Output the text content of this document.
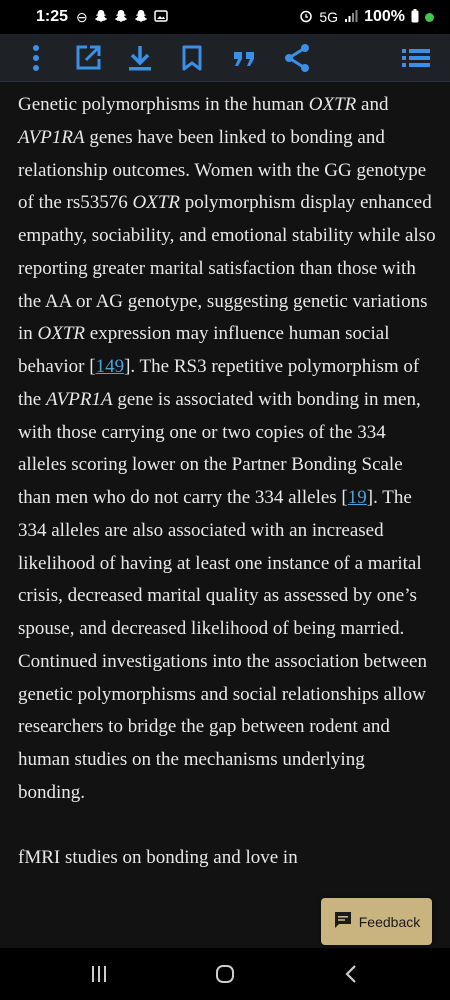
1:25 ⊖	5G 100%

Genetic polymorphisms in the human OXTR and AVP1RA genes have been linked to bonding and relationship outcomes. Women with the GG genotype of the rs53576 OXTR polymorphism display enhanced empathy, sociability, and emotional stability while also reporting greater marital satisfaction than those with the AA or AG genotype, suggesting genetic variations in OXTR expression may influence human social behavior [149]. The RS3 repetitive polymorphism of the AVPR1A gene is associated with bonding in men, with those carrying one or two copies of the 334 alleles scoring lower on the Partner Bonding Scale than men who do not carry the 334 alleles [19]. The 334 alleles are also associated with an increased likelihood of having at least one instance of a marital crisis, decreased marital quality as assessed by one’s spouse, and decreased likelihood of being married. Continued investigations into the association between genetic polymorphisms and social relationships allow researchers to bridge the gap between rodent and human studies on the mechanisms underlying bonding.

fMRI studies on bonding and love in

Feedback
